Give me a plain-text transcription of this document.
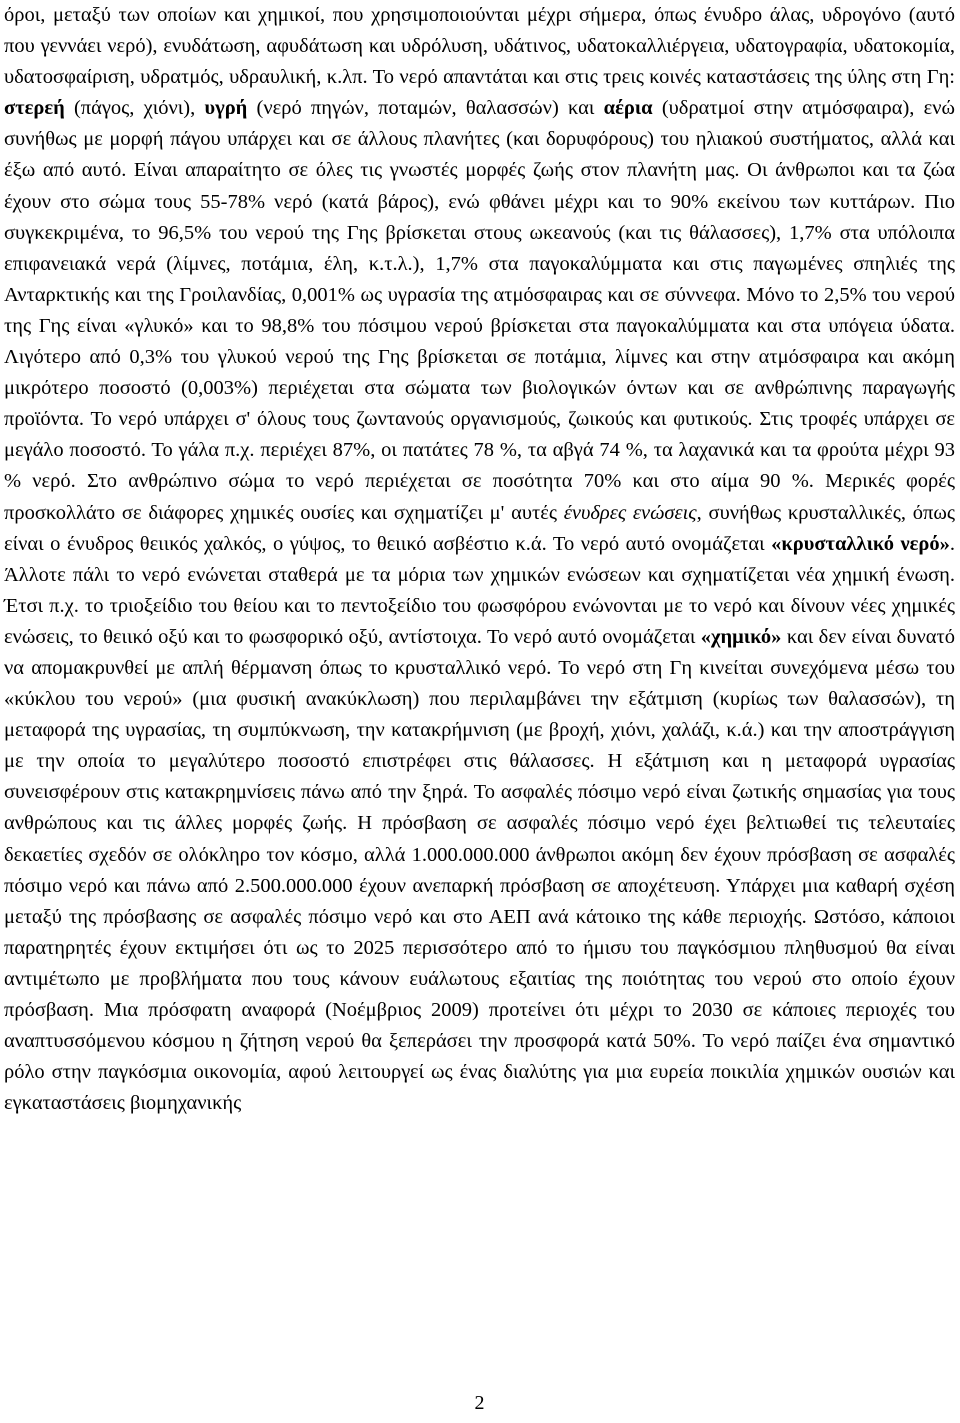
όροι, μεταξύ των οποίων και χημικοί, που χρησιμοποιούνται μέχρι σήμερα, όπως ένυδρο άλας, υδρογόνο (αυτό που γεννάει νερό), ενυδάτωση, αφυδάτωση και υδρόλυση, υδάτινος, υδατοκαλλιέργεια, υδατογραφία, υδατοκομία, υδατοσφαίριση, υδρατμός, υδραυλική, κ.λπ. Το νερό απαντάται και στις τρεις κοινές καταστάσεις της ύλης στη Γη: στερεή (πάγος, χιόνι), υγρή (νερό πηγών, ποταμών, θαλασσών) και αέρια (υδρατμοί στην ατμόσφαιρα), ενώ συνήθως με μορφή πάγου υπάρχει και σε άλλους πλανήτες (και δορυφόρους) του ηλιακού συστήματος, αλλά και έξω από αυτό. Είναι απαραίτητο σε όλες τις γνωστές μορφές ζωής στον πλανήτη μας. Οι άνθρωποι και τα ζώα έχουν στο σώμα τους 55-78% νερό (κατά βάρος), ενώ φθάνει μέχρι και το 90% εκείνου των κυττάρων. Πιο συγκεκριμένα, το 96,5% του νερού της Γης βρίσκεται στους ωκεανούς (και τις θάλασσες), 1,7% στα υπόλοιπα επιφανειακά νερά (λίμνες, ποτάμια, έλη, κ.τ.λ.), 1,7% στα παγοκαλύμματα και στις παγωμένες σπηλιές της Ανταρκτικής και της Γροιλανδίας, 0,001% ως υγρασία της ατμόσφαιρας και σε σύννεφα. Μόνο το 2,5% του νερού της Γης είναι «γλυκό» και το 98,8% του πόσιμου νερού βρίσκεται στα παγοκαλύμματα και στα υπόγεια ύδατα. Λιγότερο από 0,3% του γλυκού νερού της Γης βρίσκεται σε ποτάμια, λίμνες και στην ατμόσφαιρα και ακόμη μικρότερο ποσοστό (0,003%) περιέχεται στα σώματα των βιολογικών όντων και σε ανθρώπινης παραγωγής προϊόντα. Το νερό υπάρχει σ' όλους τους ζωντανούς οργανισμούς, ζωικούς και φυτικούς. Στις τροφές υπάρχει σε μεγάλο ποσοστό. Το γάλα π.χ. περιέχει 87%, οι πατάτες 78 %, τα αβγά 74 %, τα λαχανικά και τα φρούτα μέχρι 93 % νερό. Στο ανθρώπινο σώμα το νερό περιέχεται σε ποσότητα 70% και στο αίμα 90 %. Μερικές φορές προσκολλάτο σε διάφορες χημικές ουσίες και σχηματίζει μ' αυτές ένυδρες ενώσεις, συνήθως κρυσταλλικές, όπως είναι ο ένυδρος θειικός χαλκός, ο γύψος, το θειικό ασβέστιο κ.ά. Το νερό αυτό ονομάζεται «κρυσταλλικό νερό». Άλλοτε πάλι το νερό ενώνεται σταθερά με τα μόρια των χημικών ενώσεων και σχηματίζεται νέα χημική ένωση. Έτσι π.χ. το τριοξείδιο του θείου και το πεντοξείδιο του φωσφόρου ενώνονται με το νερό και δίνουν νέες χημικές ενώσεις, το θειικό οξύ και το φωσφορικό οξύ, αντίστοιχα. Το νερό αυτό ονομάζεται «χημικό» και δεν είναι δυνατό να απομακρυνθεί με απλή θέρμανση όπως το κρυσταλλικό νερό. Το νερό στη Γη κινείται συνεχόμενα μέσω του «κύκλου του νερού» (μια φυσική ανακύκλωση) που περιλαμβάνει την εξάτμιση (κυρίως των θαλασσών), τη μεταφορά της υγρασίας, τη συμπύκνωση, την κατακρήμνιση (με βροχή, χιόνι, χαλάζι, κ.ά.) και την αποστράγγιση με την οποία το μεγαλύτερο ποσοστό επιστρέφει στις θάλασσες. Η εξάτμιση και η μεταφορά υγρασίας συνεισφέρουν στις κατακρημνίσεις πάνω από την ξηρά. Το ασφαλές πόσιμο νερό είναι ζωτικής σημασίας για τους ανθρώπους και τις άλλες μορφές ζωής. Η πρόσβαση σε ασφαλές πόσιμο νερό έχει βελτιωθεί τις τελευταίες δεκαετίες σχεδόν σε ολόκληρο τον κόσμο, αλλά 1.000.000.000 άνθρωποι ακόμη δεν έχουν πρόσβαση σε ασφαλές πόσιμο νερό και πάνω από 2.500.000.000 έχουν ανεπαρκή πρόσβαση σε αποχέτευση. Υπάρχει μια καθαρή σχέση μεταξύ της πρόσβασης σε ασφαλές πόσιμο νερό και στο ΑΕΠ ανά κάτοικο της κάθε περιοχής. Ωστόσο, κάποιοι παρατηρητές έχουν εκτιμήσει ότι ως το 2025 περισσότερο από το ήμισυ του παγκόσμιου πληθυσμού θα είναι αντιμέτωπο με προβλήματα που τους κάνουν ευάλωτους εξαιτίας της ποιότητας του νερού στο οποίο έχουν πρόσβαση. Μια πρόσφατη αναφορά (Νοέμβριος 2009) προτείνει ότι μέχρι το 2030 σε κάποιες περιοχές του αναπτυσσόμενου κόσμου η ζήτηση νερού θα ξεπεράσει την προσφορά κατά 50%. Το νερό παίζει ένα σημαντικό ρόλο στην παγκόσμια οικονομία, αφού λειτουργεί ως ένας διαλύτης για μια ευρεία ποικιλία χημικών ουσιών και εγκαταστάσεις βιομηχανικής

2
